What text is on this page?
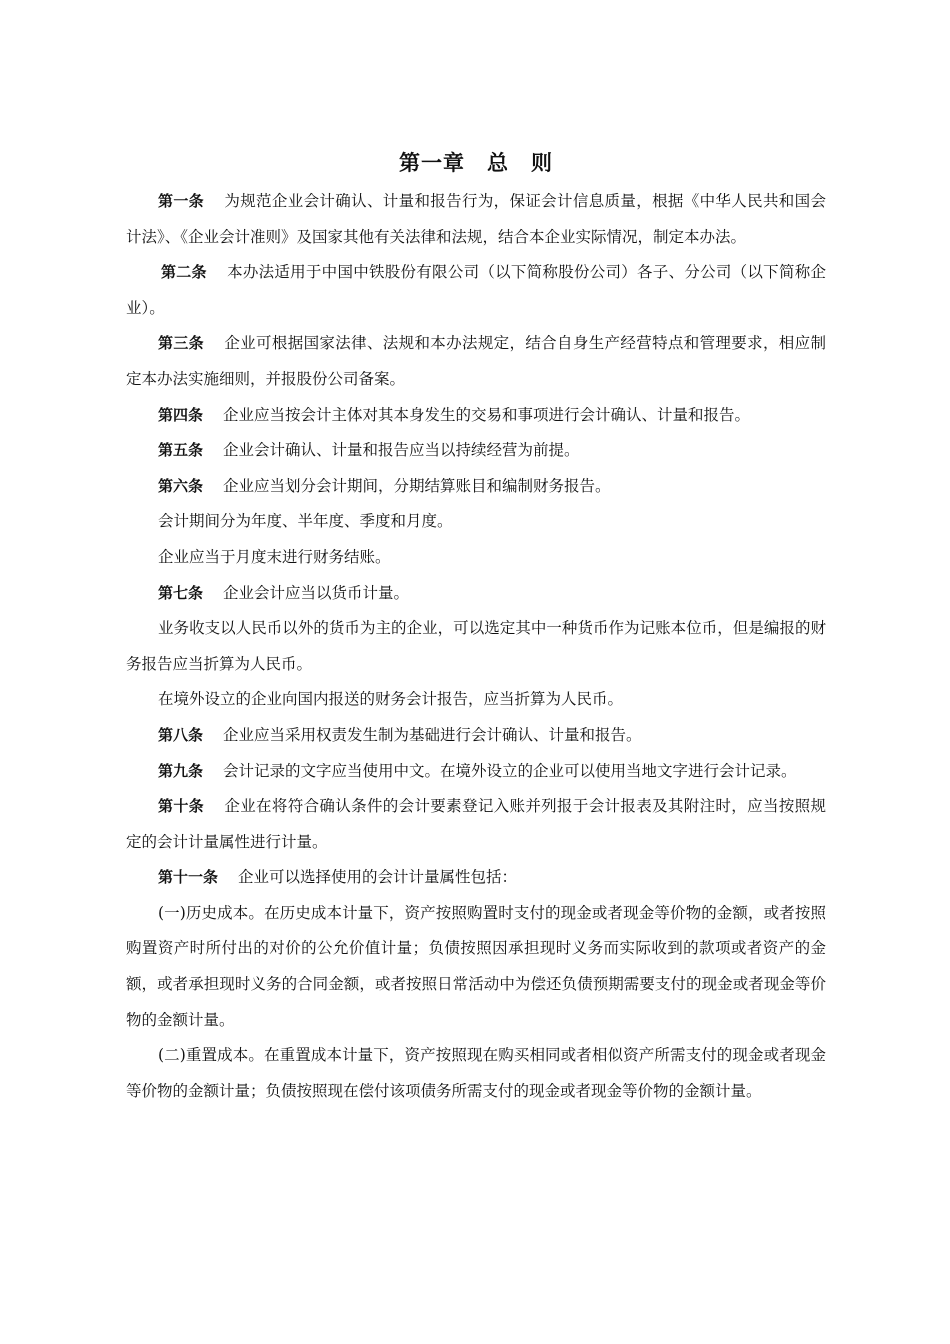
第一章　总　则

第一条 为规范企业会计确认、计量和报告行为，保证会计信息质量，根据《中华人民共和国会计法》、《企业会计准则》及国家其他有关法律和法规，结合本企业实际情况，制定本办法。

第二条 本办法适用于中国中铁股份有限公司（以下简称股份公司）各子、分公司（以下简称企业）。

第三条 企业可根据国家法律、法规和本办法规定，结合自身生产经营特点和管理要求，相应制定本办法实施细则，并报股份公司备案。

第四条 企业应当按会计主体对其本身发生的交易和事项进行会计确认、计量和报告。

第五条 企业会计确认、计量和报告应当以持续经营为前提。

第六条 企业应当划分会计期间，分期结算账目和编制财务报告。

会计期间分为年度、半年度、季度和月度。

企业应当于月度末进行财务结账。

第七条 企业会计应当以货币计量。

业务收支以人民币以外的货币为主的企业，可以选定其中一种货币作为记账本位币，但是编报的财务报告应当折算为人民币。

在境外设立的企业向国内报送的财务会计报告，应当折算为人民币。

第八条 企业应当采用权责发生制为基础进行会计确认、计量和报告。

第九条 会计记录的文字应当使用中文。在境外设立的企业可以使用当地文字进行会计记录。

第十条 企业在将符合确认条件的会计要素登记入账并列报于会计报表及其附注时，应当按照规定的会计计量属性进行计量。

第十一条 企业可以选择使用的会计计量属性包括：

(一)历史成本。在历史成本计量下，资产按照购置时支付的现金或者现金等价物的金额，或者按照购置资产时所付出的对价的公允价值计量；负债按照因承担现时义务而实际收到的款项或者资产的金额，或者承担现时义务的合同金额，或者按照日常活动中为偿还负债预期需要支付的现金或者现金等价物的金额计量。

(二)重置成本。在重置成本计量下，资产按照现在购买相同或者相似资产所需支付的现金或者现金等价物的金额计量；负债按照现在偿付该项债务所需支付的现金或者现金等价物的金额计量。
